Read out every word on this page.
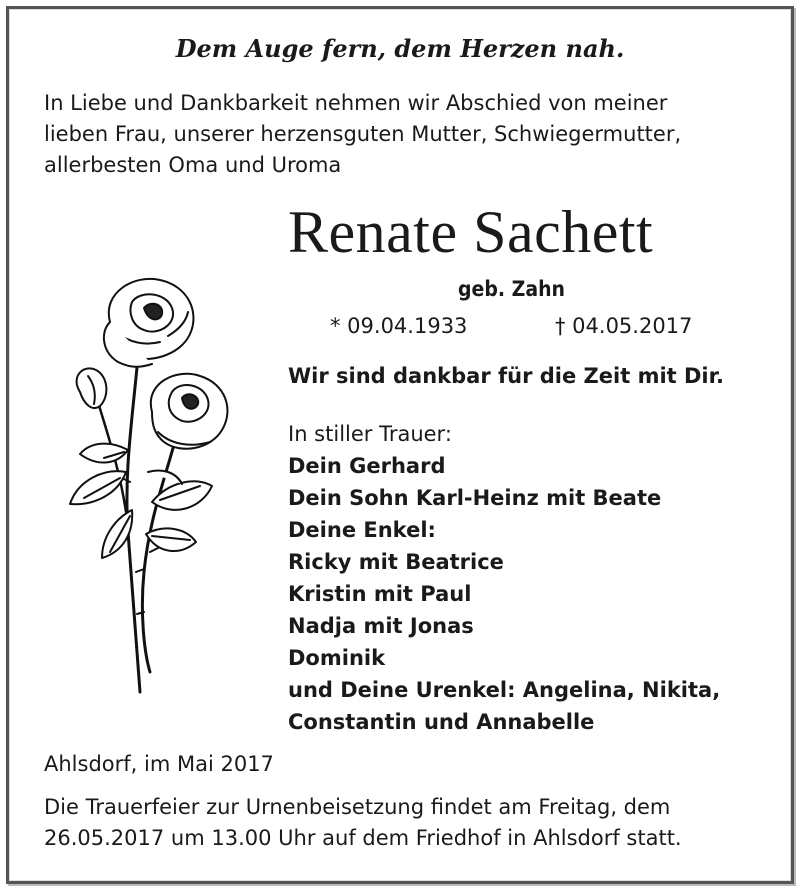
Dem Auge fern, dem Herzen nah.
In Liebe und Dankbarkeit nehmen wir Abschied von meiner
lieben Frau, unserer herzensguten Mutter, Schwiegermutter,
allerbesten Oma und Uroma
Renate Sachett
geb. Zahn
* 09.04.1933	† 04.05.2017
Wir sind dankbar für die Zeit mit Dir.
In stiller Trauer:
Dein Gerhard
Dein Sohn Karl-Heinz mit Beate
Deine Enkel:
Ricky mit Beatrice
Kristin mit Paul
Nadja mit Jonas
Dominik
und Deine Urenkel: Angelina, Nikita,
Constantin und Annabelle
Ahlsdorf, im Mai 2017
Die Trauerfeier zur Urnenbeisetzung findet am Freitag, dem
26.05.2017 um 13.00 Uhr auf dem Friedhof in Ahlsdorf statt.
